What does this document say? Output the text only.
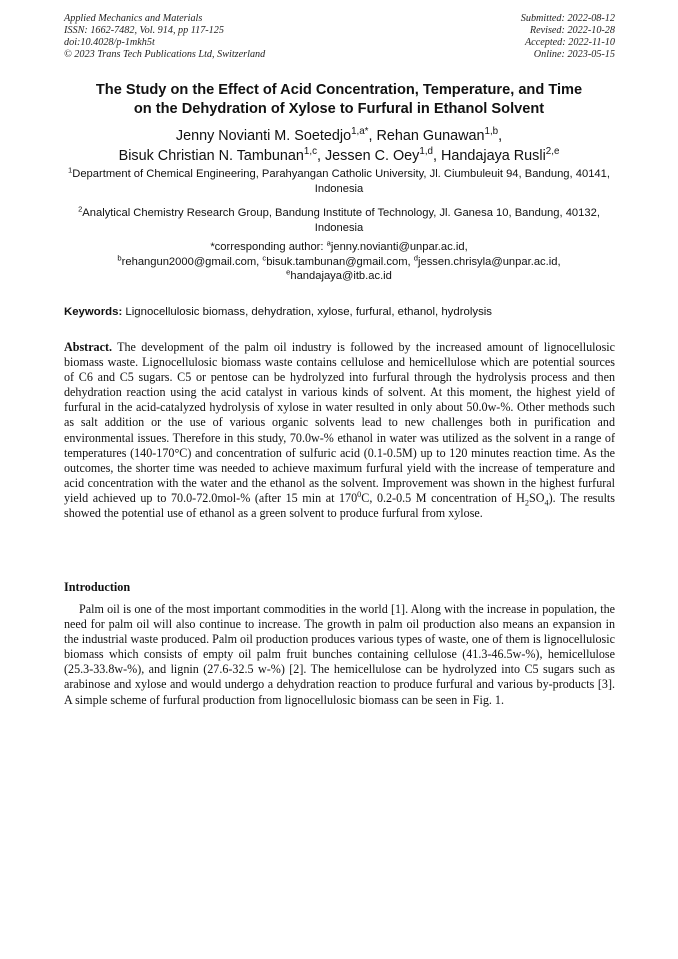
Applied Mechanics and Materials
ISSN: 1662-7482, Vol. 914, pp 117-125
doi:10.4028/p-1mkh5t
© 2023 Trans Tech Publications Ltd, Switzerland
Submitted: 2022-08-12
Revised: 2022-10-28
Accepted: 2022-11-10
Online: 2023-05-15
The Study on the Effect of Acid Concentration, Temperature, and Time
on the Dehydration of Xylose to Furfural in Ethanol Solvent
Jenny Novianti M. Soetedjo$^{1,a*}$, Rehan Gunawan$^{1,b}$,
Bisuk Christian N. Tambunan$^{1,c}$, Jessen C. Oey$^{1,d}$, Handajaya Rusli$^{2,e}$
$^1$Department of Chemical Engineering, Parahyangan Catholic University, Jl. Ciumbuleuit 94, Bandung, 40141, Indonesia
$^2$Analytical Chemistry Research Group, Bandung Institute of Technology, Jl. Ganesa 10, Bandung, 40132, Indonesia
*corresponding author: $^a$jenny.novianti@unpar.ac.id,
$^b$rehangun2000@gmail.com, $^c$bisuk.tambunan@gmail.com, $^d$jessen.chrisyla@unpar.ac.id,
$^e$handajaya@itb.ac.id
Keywords: Lignocellulosic biomass, dehydration, xylose, furfural, ethanol, hydrolysis

Abstract. The development of the palm oil industry is followed by the increased amount of lignocellulosic biomass waste. Lignocellulosic biomass waste contains cellulose and hemicellulose which are potential sources of C6 and C5 sugars. C5 or pentose can be hydrolyzed into furfural through the hydrolysis process and then dehydration reaction using the acid catalyst in various kinds of solvent. At this moment, the highest yield of furfural in the acid-catalyzed hydrolysis of xylose in water resulted in only about 50.0w-%. Other methods such as salt addition or the use of various organic solvents lead to new challenges both in purification and environmental issues. Therefore in this study, 70.0w-% ethanol in water was utilized as the solvent in a range of temperatures (140-170°C) and concentration of sulfuric acid (0.1-0.5M) up to 120 minutes reaction time. As the outcomes, the shorter time was needed to achieve maximum furfural yield with the increase of temperature and acid concentration with the water and the ethanol as the solvent. Improvement was shown in the highest furfural yield achieved up to 70.0-72.0mol-% (after 15 min at $170^0C$, 0.2-0.5 M concentration of $H_2SO_4$). The results showed the potential use of ethanol as a green solvent to produce furfural from xylose.

Introduction

Palm oil is one of the most important commodities in the world [1]. Along with the increase in population, the need for palm oil will also continue to increase. The growth in palm oil production also means an expansion in the industrial waste produced. Palm oil production produces various types of waste, one of them is lignocellulosic biomass which consists of empty oil palm fruit bunches containing cellulose (41.3-46.5w-%), hemicellulose (25.3-33.8w-%), and lignin (27.6-32.5 w-%) [2]. The hemicellulose can be hydrolyzed into C5 sugars such as arabinose and xylose and would undergo a dehydration reaction to produce furfural and various by-products [3]. A simple scheme of furfural production from lignocellulosic biomass can be seen in Fig. 1.
